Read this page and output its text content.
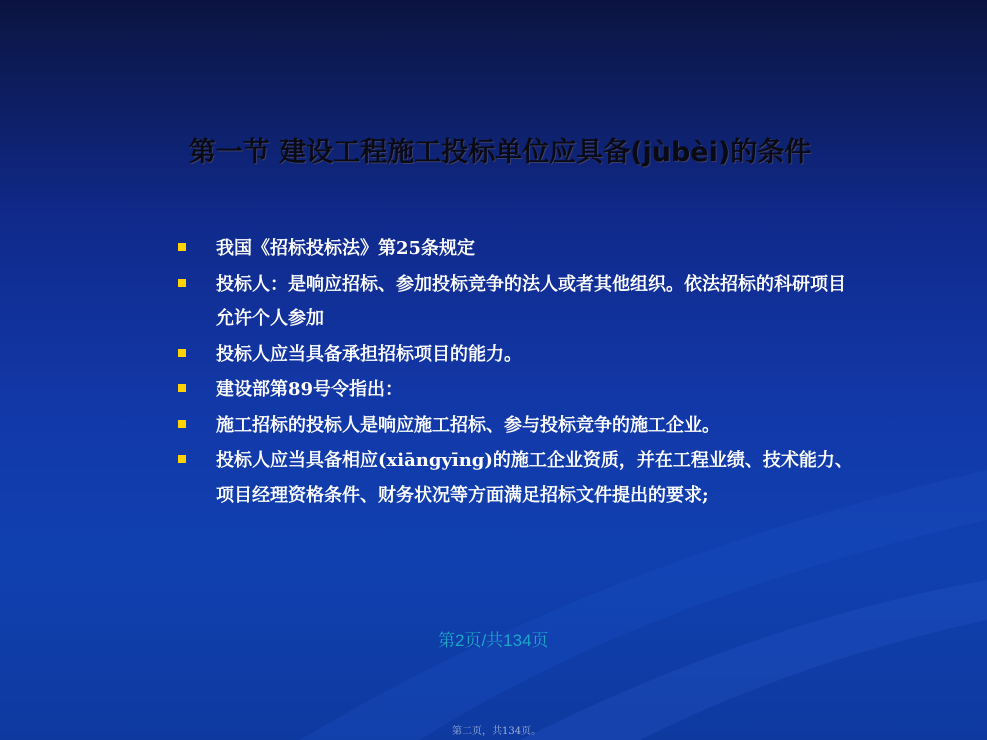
第一节 建设工程施工投标单位应具备(jùbèi)的条件
我国《招标投标法》第25条规定
投标人：是响应招标、参加投标竞争的法人或者其他组织。依法招标的科研项目允许个人参加
投标人应当具备承担招标项目的能力。
建设部第89号令指出：
施工招标的投标人是响应施工招标、参与投标竞争的施工企业。
投标人应当具备相应(xiāngyīng)的施工企业资质，并在工程业绩、技术能力、项目经理资格条件、财务状况等方面满足招标文件提出的要求;
第2页/共134页
第二页，共134页。
